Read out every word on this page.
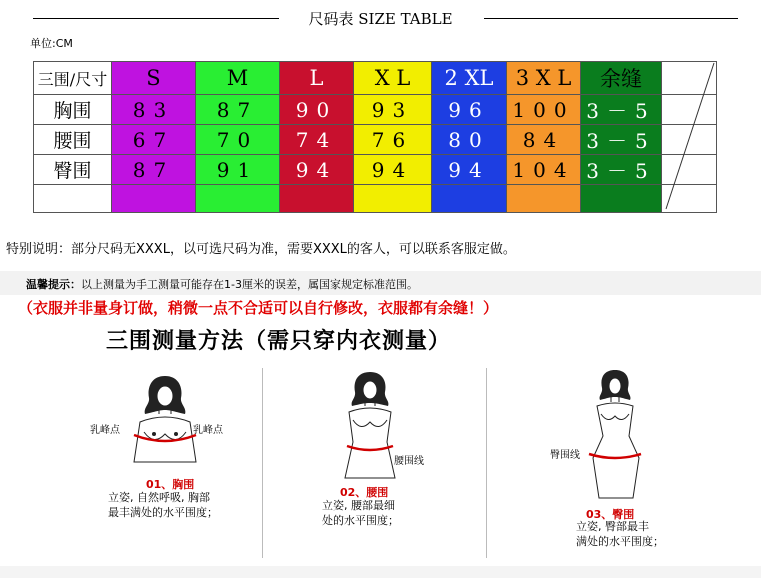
尺码表 SIZE TABLE
单位:CM
三围/尺寸	S	M	L	X L	2 XL	3 X L	余缝	

胸围	83	87	90	93	96	100	3－5	
腰围	67	70	74	76	80	84	3－5	
臀围	87	91	94	94	94	104	3－5	

特别说明：部分尺码无XXXL，以可选尺码为准，需要XXXL的客人，可以联系客服定做。
温馨提示：以上测量为手工测量可能存在1-3厘米的误差，属国家规定标准范围。
（衣服并非量身订做，稍微一点不合适可以自行修改，衣服都有余缝！）
三围测量方法（需只穿内衣测量）
乳峰点	乳峰点
01、胸围
立姿, 自然呼吸, 胸部
最丰满处的水平围度；
腰围线
02、腰围
立姿, 腰部最细
处的水平围度；
臀围线
03、臀围
立姿, 臀部最丰
满处的水平围度；
